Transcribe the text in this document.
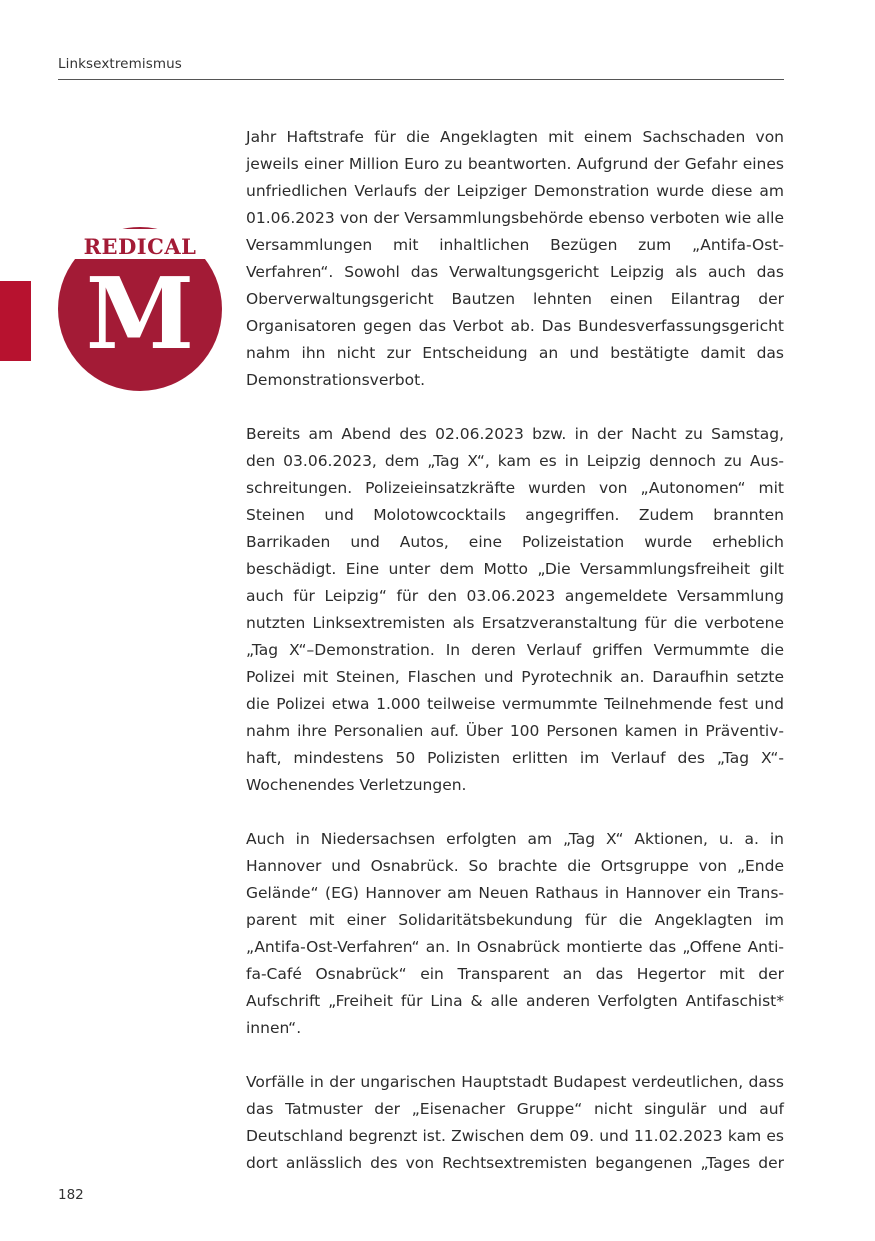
Linksextremismus
REDICAL
M

Jahr Haftstrafe für die Angeklagten mit einem Sachschaden von jeweils einer Million Euro zu beantworten. Aufgrund der Gefahr eines unfriedlichen Verlaufs der Leipziger Demonstration wurde diese am 01.06.2023 von der Versammlungsbehörde ebenso verboten wie alle Versammlungen mit inhaltlichen Bezügen zum „Antifa-Ost-Verfahren“. Sowohl das Verwaltungsgericht Leipzig als auch das Oberverwaltungsgericht Bautzen lehnten einen Eilantrag der Organisatoren gegen das Verbot ab. Das Bundesverfassungsgericht nahm ihn nicht zur Entscheidung an und bestätigte damit das Demonstrationsverbot.

Bereits am Abend des 02.06.2023 bzw. in der Nacht zu Samstag, den 03.06.2023, dem „Tag X“, kam es in Leipzig dennoch zu Ausschreitungen. Polizeieinsatzkräfte wurden von „Autonomen“ mit Steinen und Molotowcocktails angegriffen. Zudem brannten Barrikaden und Autos, eine Polizeistation wurde erheblich beschädigt. Eine unter dem Motto „Die Versammlungsfreiheit gilt auch für Leipzig“ für den 03.06.2023 angemeldete Versammlung nutzten Linksextremisten als Ersatzveranstaltung für die verbotene „Tag X“–Demonstration. In deren Verlauf griffen Vermummte die Polizei mit Steinen, Flaschen und Pyrotechnik an. Daraufhin setzte die Polizei etwa 1.000 teilweise vermummte Teilnehmende fest und nahm ihre Personalien auf. Über 100 Personen kamen in Präventivhaft, mindestens 50 Polizisten erlitten im Verlauf des „Tag X“-Wochenendes Verletzungen.

Auch in Niedersachsen erfolgten am „Tag X“ Aktionen, u. a. in Hannover und Osnabrück. So brachte die Ortsgruppe von „Ende Gelände“ (EG) Hannover am Neuen Rathaus in Hannover ein Transparent mit einer Solidaritätsbekundung für die Angeklagten im „Antifa-Ost-Verfahren“ an. In Osnabrück montierte das „Offene Antifa-Café Osnabrück“ ein Transparent an das Hegertor mit der Aufschrift „Freiheit für Lina & alle anderen Verfolgten Antifaschist* innen“.

Vorfälle in der ungarischen Hauptstadt Budapest verdeutlichen, dass das Tatmuster der „Eisenacher Gruppe“ nicht singulär und auf Deutschland begrenzt ist. Zwischen dem 09. und 11.02.2023 kam es dort anlässlich des von Rechtsextremisten begangenen „Tages der

182
